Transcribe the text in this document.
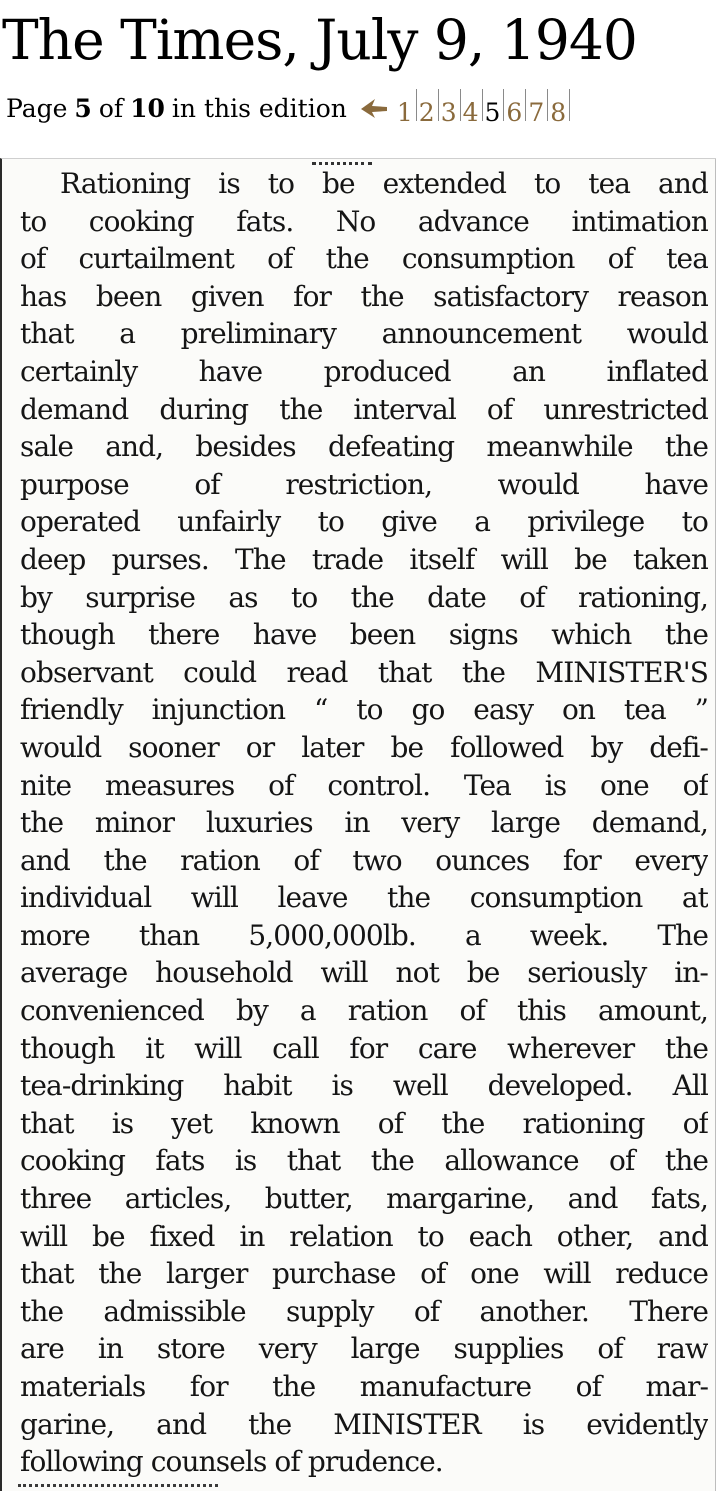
The Times, July 9, 1940
Page 5 of 10 in this edition 1 2 3 4 5 6 7 8
Rationing is to be extended to tea and
to cooking fats. No advance intimation
of curtailment of the consumption of tea
has been given for the satisfactory reason
that a preliminary announcement would
certainly have produced an inflated
demand during the interval of unrestricted
sale and, besides defeating meanwhile the
purpose of restriction, would have
operated unfairly to give a privilege to
deep purses. The trade itself will be taken
by surprise as to the date of rationing,
though there have been signs which the
observant could read that the MINISTER'S
friendly injunction “ to go easy on tea ”
would sooner or later be followed by defi-
nite measures of control. Tea is one of
the minor luxuries in very large demand,
and the ration of two ounces for every
individual will leave the consumption at
more than 5,000,000lb. a week. The
average household will not be seriously in-
convenienced by a ration of this amount,
though it will call for care wherever the
tea-drinking habit is well developed. All
that is yet known of the rationing of
cooking fats is that the allowance of the
three articles, butter, margarine, and fats,
will be fixed in relation to each other, and
that the larger purchase of one will reduce
the admissible supply of another. There
are in store very large supplies of raw
materials for the manufacture of mar-
garine, and the MINISTER is evidently
following counsels of prudence.
